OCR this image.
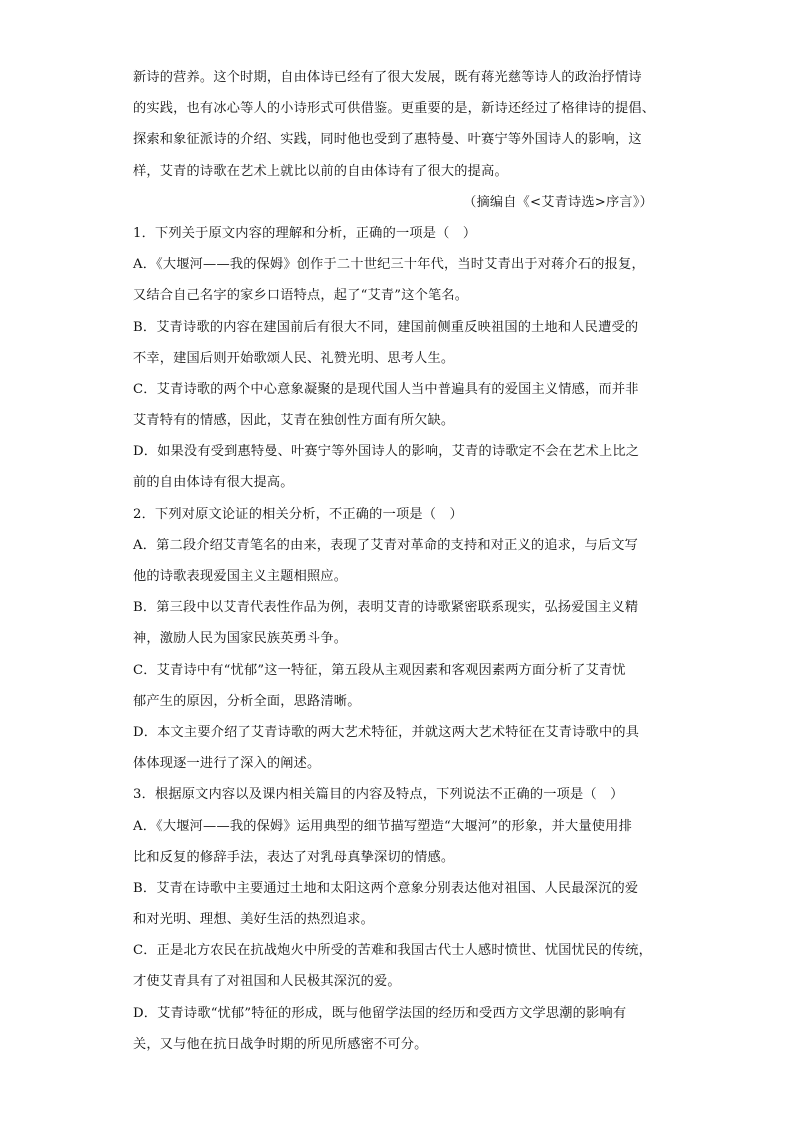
新诗的营养。这个时期，自由体诗已经有了很大发展，既有蒋光慈等诗人的政治抒情诗
的实践，也有冰心等人的小诗形式可供借鉴。更重要的是，新诗还经过了格律诗的提倡、
探索和象征派诗的介绍、实践，同时他也受到了惠特曼、叶赛宁等外国诗人的影响，这
样，艾青的诗歌在艺术上就比以前的自由体诗有了很大的提高。
（摘编自《<艾青诗选>序言》）
1．下列关于原文内容的理解和分析，正确的一项是（　）
A．《大堰河——我的保姆》创作于二十世纪三十年代，当时艾青出于对蒋介石的报复，
又结合自己名字的家乡口语特点，起了“艾青”这个笔名。
B．艾青诗歌的内容在建国前后有很大不同，建国前侧重反映祖国的土地和人民遭受的
不幸，建国后则开始歌颂人民、礼赞光明、思考人生。
C．艾青诗歌的两个中心意象凝聚的是现代国人当中普遍具有的爱国主义情感，而并非
艾青特有的情感，因此，艾青在独创性方面有所欠缺。
D．如果没有受到惠特曼、叶赛宁等外国诗人的影响，艾青的诗歌定不会在艺术上比之
前的自由体诗有很大提高。
2．下列对原文论证的相关分析，不正确的一项是（　）
A．第二段介绍艾青笔名的由来，表现了艾青对革命的支持和对正义的追求，与后文写
他的诗歌表现爱国主义主题相照应。
B．第三段中以艾青代表性作品为例，表明艾青的诗歌紧密联系现实，弘扬爱国主义精
神，激励人民为国家民族英勇斗争。
C．艾青诗中有“忧郁”这一特征，第五段从主观因素和客观因素两方面分析了艾青忧
郁产生的原因，分析全面，思路清晰。
D．本文主要介绍了艾青诗歌的两大艺术特征，并就这两大艺术特征在艾青诗歌中的具
体体现逐一进行了深入的阐述。
3．根据原文内容以及课内相关篇目的内容及特点，下列说法不正确的一项是（　）
A．《大堰河——我的保姆》运用典型的细节描写塑造“大堰河”的形象，并大量使用排
比和反复的修辞手法，表达了对乳母真挚深切的情感。
B．艾青在诗歌中主要通过土地和太阳这两个意象分别表达他对祖国、人民最深沉的爱
和对光明、理想、美好生活的热烈追求。
C．正是北方农民在抗战炮火中所受的苦难和我国古代士人感时愤世、忧国忧民的传统，
才使艾青具有了对祖国和人民极其深沉的爱。
D．艾青诗歌“忧郁”特征的形成，既与他留学法国的经历和受西方文学思潮的影响有
关，又与他在抗日战争时期的所见所感密不可分。
